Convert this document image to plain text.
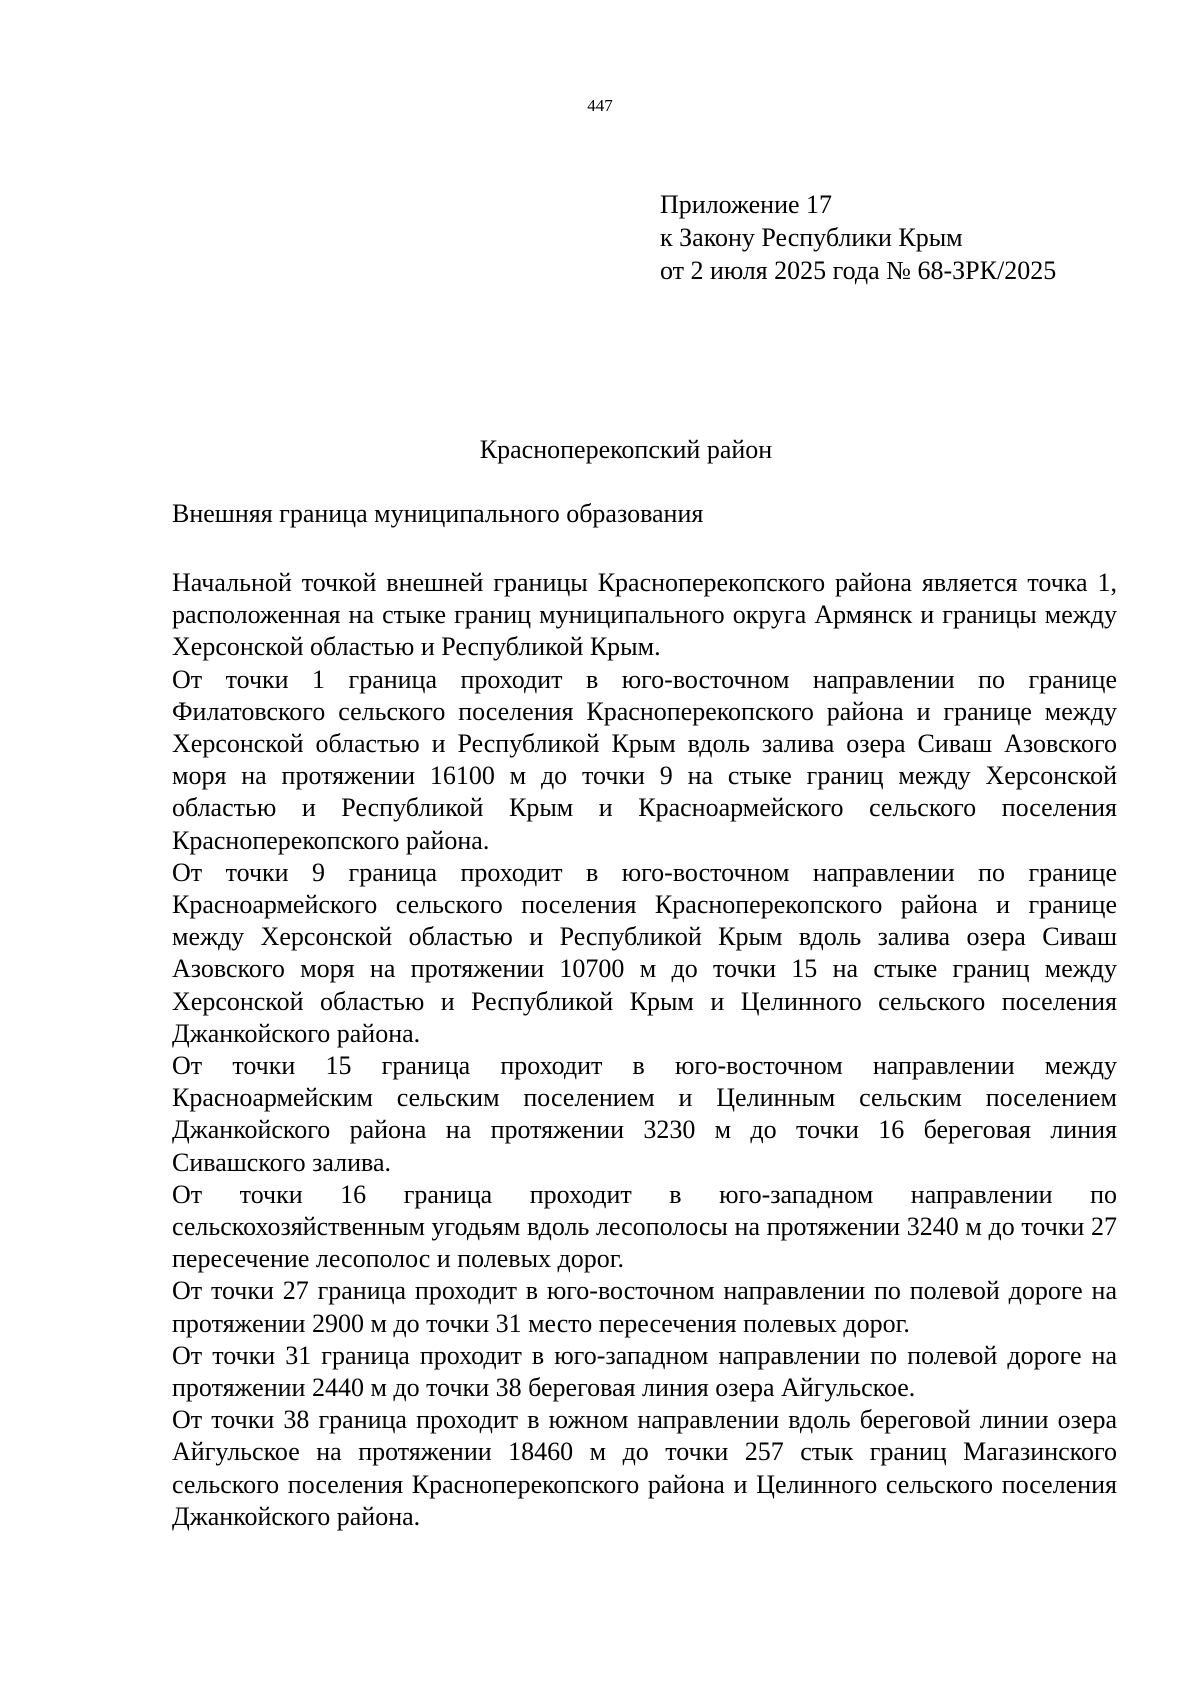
447
Приложение 17
к Закону Республики Крым
от 2 июля 2025 года № 68-ЗРК/2025
Красноперекопский район
Внешняя граница муниципального образования

Начальной точкой внешней границы Красноперекопского района является точка 1, расположенная на стыке границ муниципального округа Армянск и границы между Херсонской областью и Республикой Крым.

От точки 1 граница проходит в юго-восточном направлении по границе Филатовского сельского поселения Красноперекопского района и границе между Херсонской областью и Республикой Крым вдоль залива озера Сиваш Азовского моря на протяжении 16100 м до точки 9 на стыке границ между Херсонской областью и Республикой Крым и Красноармейского сельского поселения Красноперекопского района.

От точки 9 граница проходит в юго-восточном направлении по границе Красноармейского сельского поселения Красноперекопского района и границе между Херсонской областью и Республикой Крым вдоль залива озера Сиваш Азовского моря на протяжении 10700 м до точки 15 на стыке границ между Херсонской областью и Республикой Крым и Целинного сельского поселения Джанкойского района.

От точки 15 граница проходит в юго-восточном направлении между Красноармейским сельским поселением и Целинным сельским поселением Джанкойского района на протяжении 3230 м до точки 16 береговая линия Сивашского залива.

От точки 16 граница проходит в юго-западном направлении по сельскохозяйственным угодьям вдоль лесополосы на протяжении 3240 м до точки 27 пересечение лесополос и полевых дорог.

От точки 27 граница проходит в юго-восточном направлении по полевой дороге на протяжении 2900 м до точки 31 место пересечения полевых дорог.

От точки 31 граница проходит в юго-западном направлении по полевой дороге на протяжении 2440 м до точки 38 береговая линия озера Айгульское.

От точки 38 граница проходит в южном направлении вдоль береговой линии озера Айгульское на протяжении 18460 м до точки 257 стык границ Магазинского сельского поселения Красноперекопского района и Целинного сельского поселения Джанкойского района.
